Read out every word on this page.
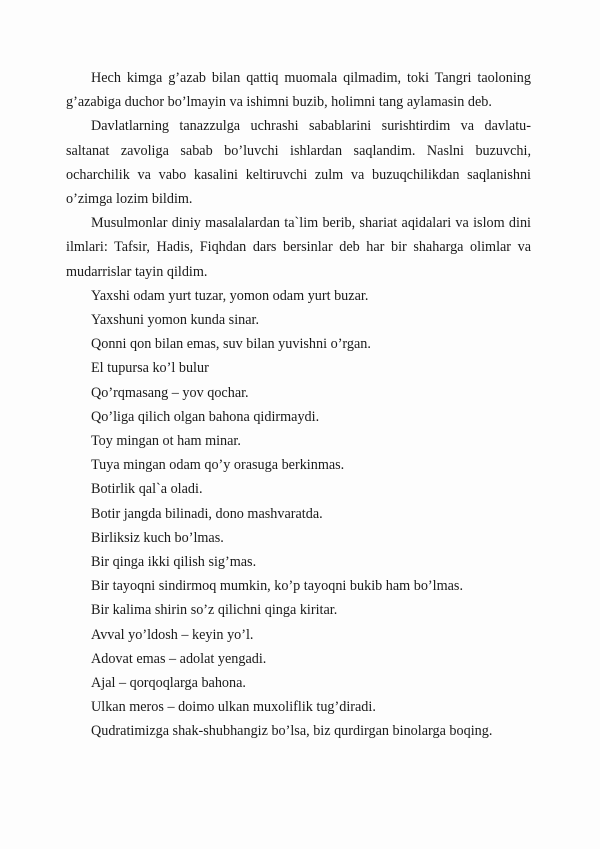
Hech kimga g’azab bilan qattiq muomala qilmadim, toki Tangri taoloning g’azabiga duchor bo’lmayin va ishimni buzib, holimni tang aylamasin deb.

Davlatlarning tanazzulga uchrashi sabablarini surishtirdim va davlatu-saltanat zavoliga sabab bo’luvchi ishlardan saqlandim. Naslni buzuvchi, ocharchilik va vabo kasalini keltiruvchi zulm va buzuqchilikdan saqlanishni o’zimga lozim bildim.

Musulmonlar diniy masalalardan ta`lim berib, shariat aqidalari va islom dini ilmlari: Tafsir, Hadis, Fiqhdan dars bersinlar deb har bir shaharga olimlar va mudarrislar tayin qildim.

Yaxshi odam yurt tuzar, yomon odam yurt buzar.

Yaxshuni yomon kunda sinar.

Qonni qon bilan emas, suv bilan yuvishni o’rgan.

El tupursa ko’l bulur

Qo’rqmasang – yov qochar.

Qo’liga qilich olgan bahona qidirmaydi.

Toy mingan ot ham minar.

Tuya mingan odam qo’y orasuga berkinmas.

Botirlik qal`a oladi.

Botir jangda bilinadi, dono mashvaratda.

Birliksiz kuch bo’lmas.

Bir qinga ikki qilish sig’mas.

Bir tayoqni sindirmoq mumkin, ko’p tayoqni bukib ham bo’lmas.

Bir kalima shirin so’z qilichni qinga kiritar.

Avval yo’ldosh – keyin yo’l.

Adovat emas – adolat yengadi.

Ajal – qorqoqlarga bahona.

Ulkan meros – doimo ulkan muxoliflik tug’diradi.

Qudratimizga shak-shubhangiz bo’lsa, biz qurdirgan binolarga boqing.
